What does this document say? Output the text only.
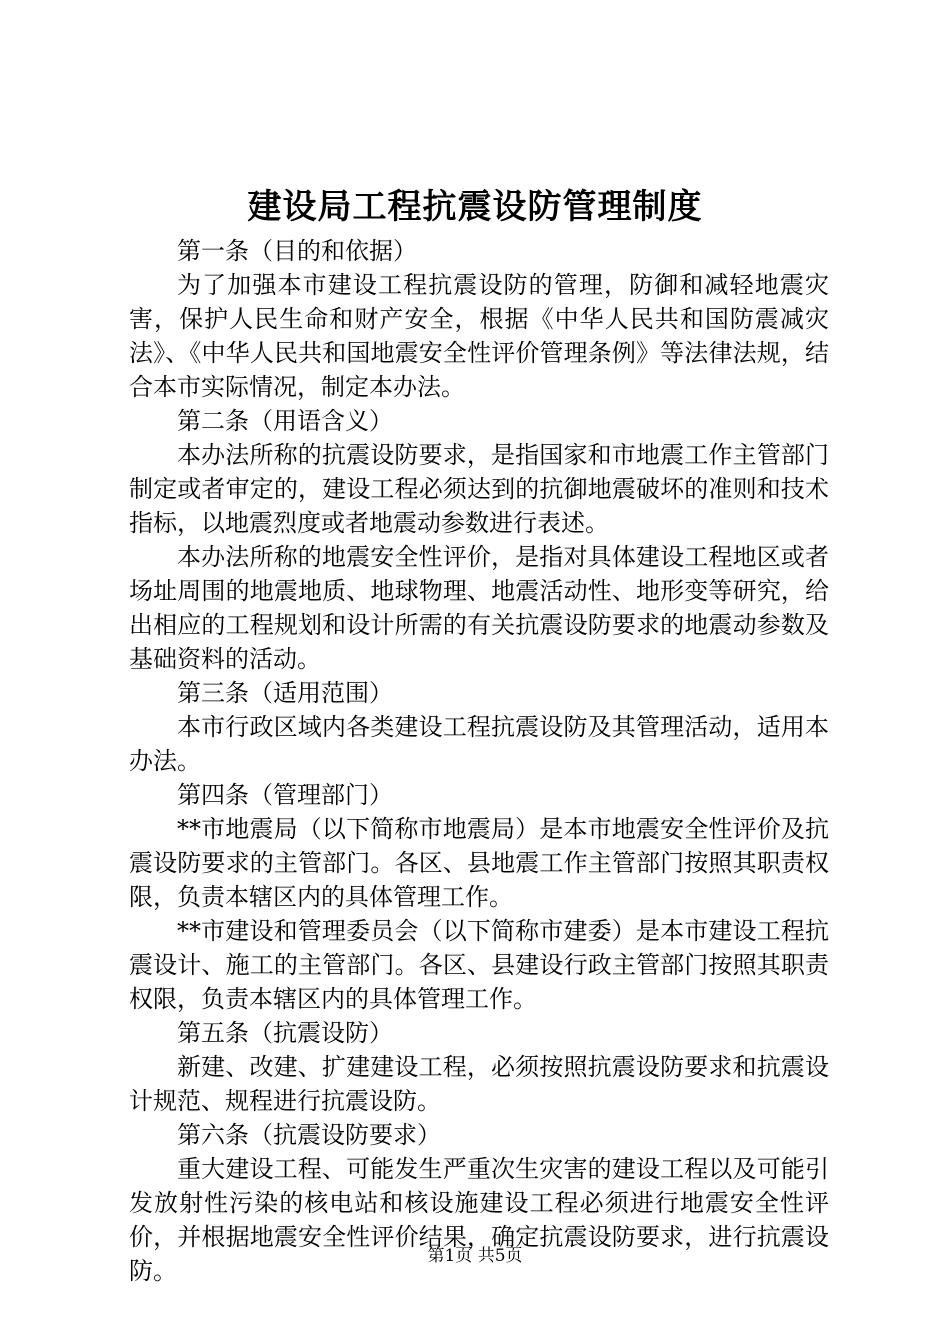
建设局工程抗震设防管理制度

第一条（目的和依据）

为了加强本市建设工程抗震设防的管理，防御和减轻地震灾害，保护人民生命和财产安全，根据《中华人民共和国防震减灾法》、《中华人民共和国地震安全性评价管理条例》等法律法规，结合本市实际情况，制定本办法。

第二条（用语含义）

本办法所称的抗震设防要求，是指国家和市地震工作主管部门制定或者审定的，建设工程必须达到的抗御地震破坏的准则和技术指标，以地震烈度或者地震动参数进行表述。

本办法所称的地震安全性评价，是指对具体建设工程地区或者场址周围的地震地质、地球物理、地震活动性、地形变等研究，给出相应的工程规划和设计所需的有关抗震设防要求的地震动参数及基础资料的活动。

第三条（适用范围）

本市行政区域内各类建设工程抗震设防及其管理活动，适用本办法。

第四条（管理部门）

**市地震局（以下简称市地震局）是本市地震安全性评价及抗震设防要求的主管部门。各区、县地震工作主管部门按照其职责权限，负责本辖区内的具体管理工作。

**市建设和管理委员会（以下简称市建委）是本市建设工程抗震设计、施工的主管部门。各区、县建设行政主管部门按照其职责权限，负责本辖区内的具体管理工作。

第五条（抗震设防）

新建、改建、扩建建设工程，必须按照抗震设防要求和抗震设计规范、规程进行抗震设防。

第六条（抗震设防要求）

重大建设工程、可能发生严重次生灾害的建设工程以及可能引发放射性污染的核电站和核设施建设工程必须进行地震安全性评价，并根据地震安全性评价结果，确定抗震设防要求，进行抗震设防。

第1页 共5页
